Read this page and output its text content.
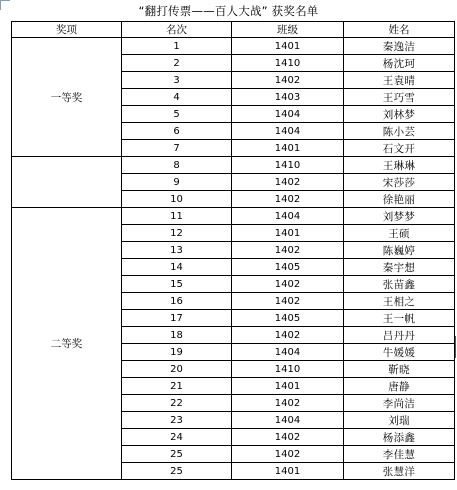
“翻打传票——百人大战” 获奖名单
奖项	名次	班级	姓名
一等奖	1	1401	秦逸洁
	2	1410	杨沈珂
	3	1402	王袁晴
	4	1403	王巧雪
	5	1404	刘林梦
	6	1404	陈小芸
	7	1401	石文开
	8	1410	王琳琳
	9	1402	宋莎莎
	10	1402	徐艳丽
二等奖	11	1404	刘梦梦
	12	1401	王硕
	13	1402	陈巍婷
	14	1405	秦宇想
	15	1402	张苗鑫
	16	1402	王相之
	17	1405	王一帆
	18	1402	吕丹丹
	19	1404	牛媛媛
	20	1410	靳晓
	21	1401	唐静
	22	1402	李尚洁
	23	1404	刘瑞
	24	1402	杨添鑫
	25	1402	李佳慧
	25	1401	张慧洋
